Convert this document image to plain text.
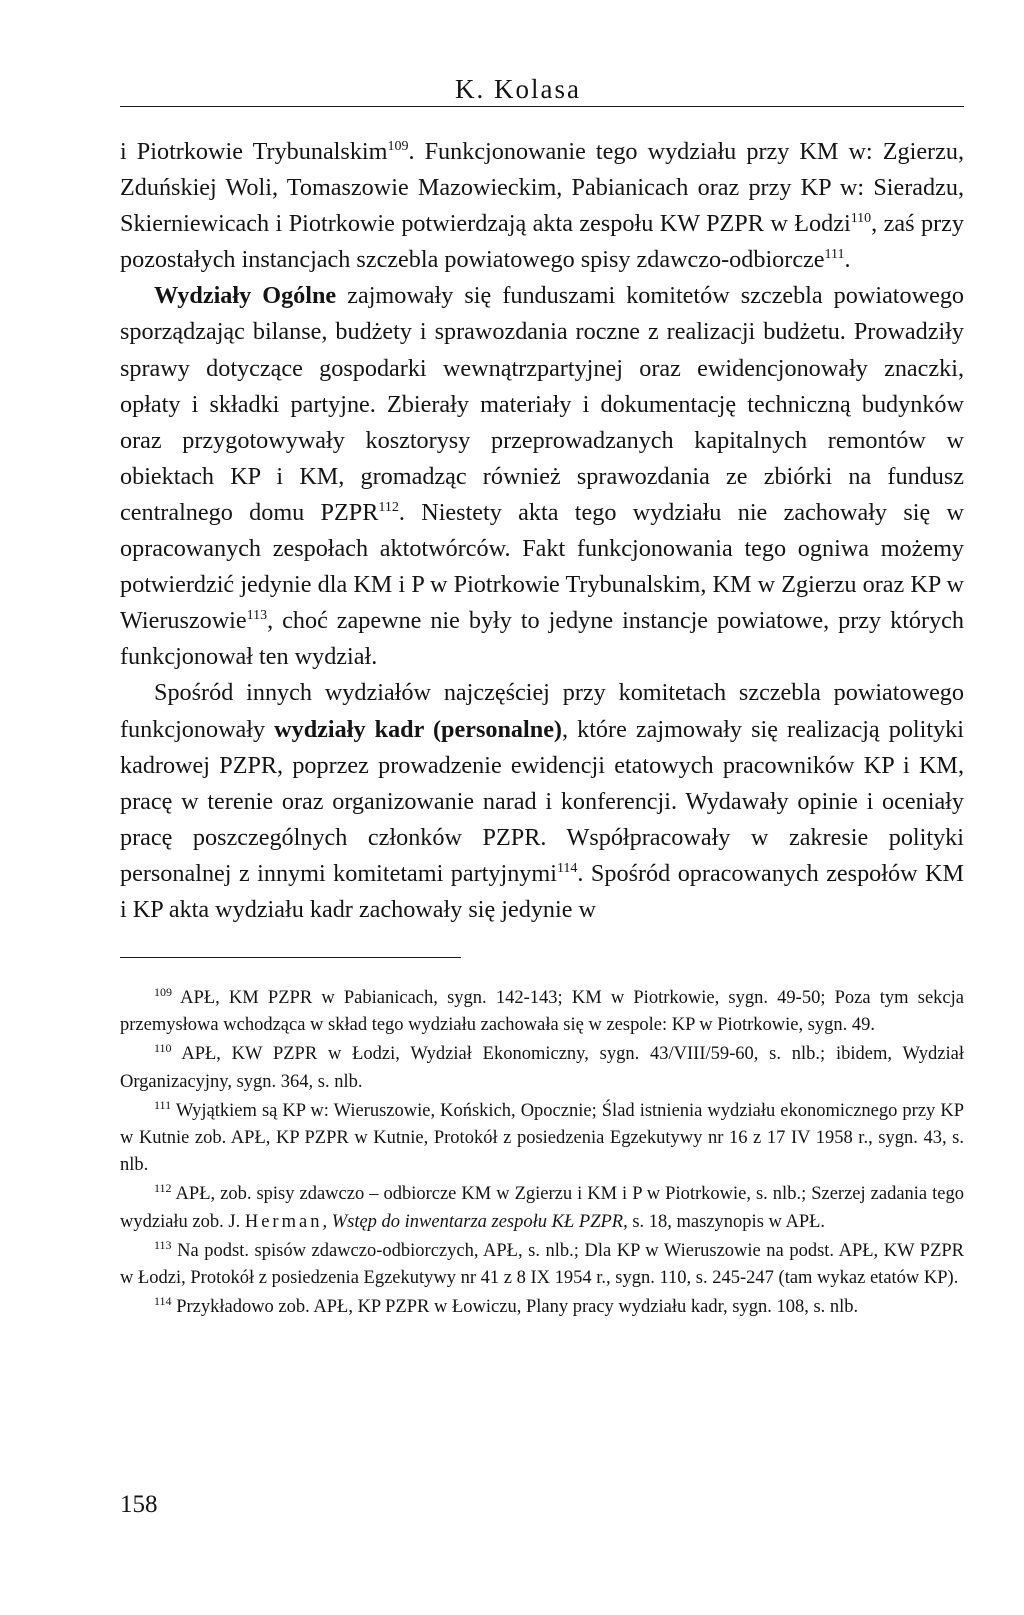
K. Kolasa

i Piotrkowie Trybunalskim$^{109}$. Funkcjonowanie tego wydziału przy KM w: Zgierzu, Zduńskiej Woli, Tomaszowie Mazowieckim, Pabianicach oraz przy KP w: Sieradzu, Skierniewicach i Piotrkowie potwierdzają akta zespołu KW PZPR w Łodzi$^{110}$, zaś przy pozostałych instancjach szczebla powiatowego spisy zdawczo-odbiorcze$^{111}$.

Wydziały Ogólne zajmowały się funduszami komitetów szczebla powiatowego sporządzając bilanse, budżety i sprawozdania roczne z realizacji budżetu. Prowadziły sprawy dotyczące gospodarki wewnątrzpartyjnej oraz ewidencjonowały znaczki, opłaty i składki partyjne. Zbierały materiały i dokumentację techniczną budynków oraz przygotowywały kosztorysy przeprowadzanych kapitalnych remontów w obiektach KP i KM, gromadząc również sprawozdania ze zbiórki na fundusz centralnego domu PZPR$^{112}$. Niestety akta tego wydziału nie zachowały się w opracowanych zespołach aktotwórców. Fakt funkcjonowania tego ogniwa możemy potwierdzić jedynie dla KM i P w Piotrkowie Trybunalskim, KM w Zgierzu oraz KP w Wieruszowie$^{113}$, choć zapewne nie były to jedyne instancje powiatowe, przy których funkcjonował ten wydział.

Spośród innych wydziałów najczęściej przy komitetach szczebla powiatowego funkcjonowały wydziały kadr (personalne), które zajmowały się realizacją polityki kadrowej PZPR, poprzez prowadzenie ewidencji etatowych pracowników KP i KM, pracę w terenie oraz organizowanie narad i konferencji. Wydawały opinie i oceniały pracę poszczególnych członków PZPR. Współpracowały w zakresie polityki personalnej z innymi komitetami partyjnymi$^{114}$. Spośród opracowanych zespołów KM i KP akta wydziału kadr zachowały się jedynie w

$^{109}$ APŁ, KM PZPR w Pabianicach, sygn. 142-143; KM w Piotrkowie, sygn. 49-50; Poza tym sekcja przemysłowa wchodząca w skład tego wydziału zachowała się w zespole: KP w Piotrkowie, sygn. 49.

$^{110}$ APŁ, KW PZPR w Łodzi, Wydział Ekonomiczny, sygn. 43/VIII/59-60, s. nlb.; ibidem, Wydział Organizacyjny, sygn. 364, s. nlb.

$^{111}$ Wyjątkiem są KP w: Wieruszowie, Końskich, Opocznie; Ślad istnienia wydziału ekonomicznego przy KP w Kutnie zob. APŁ, KP PZPR w Kutnie, Protokół z posiedzenia Egzekutywy nr 16 z 17 IV 1958 r., sygn. 43, s. nlb.

$^{112}$ APŁ, zob. spisy zdawczo – odbiorcze KM w Zgierzu i KM i P w Piotrkowie, s. nlb.; Szerzej zadania tego wydziału zob. J. Herman, Wstęp do inwentarza zespołu KŁ PZPR, s. 18, maszynopis w APŁ.

$^{113}$ Na podst. spisów zdawczo-odbiorczych, APŁ, s. nlb.; Dla KP w Wieruszowie na podst. APŁ, KW PZPR w Łodzi, Protokół z posiedzenia Egzekutywy nr 41 z 8 IX 1954 r., sygn. 110, s. 245-247 (tam wykaz etatów KP).

$^{114}$ Przykładowo zob. APŁ, KP PZPR w Łowiczu, Plany pracy wydziału kadr, sygn. 108, s. nlb.

158
